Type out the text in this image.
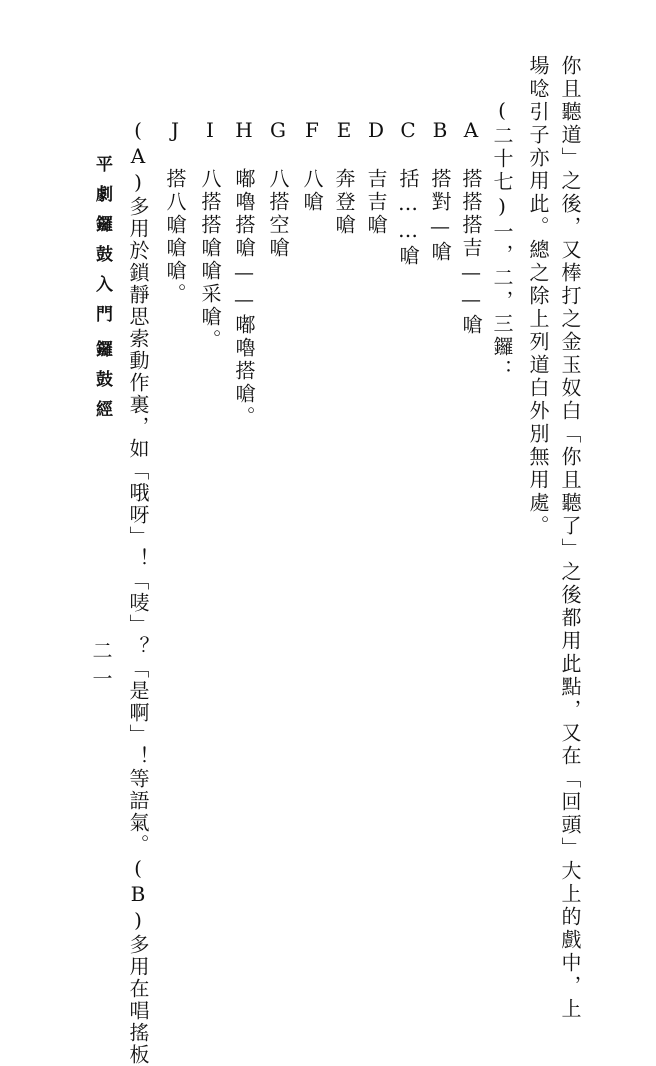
你且聽道」之後，又棒打之金玉奴白「你且聽了」之後都用此點，又在「回頭」大上的戲中，上
場唸引子亦用此。總之除上列道白外別無用處。
(二十七)一，二，三鑼：
A　搭搭搭吉——嗆
B　搭對—嗆
C　括……嗆
D　吉吉嗆
E　奔登嗆
F　八嗆
G　八搭空嗆
H　嘟嚕搭嗆——嘟嚕搭嗆。
I　八搭搭嗆嗆采嗆。
J　搭八嗆嗆嗆。
(A)多用於鎖靜思索動作裏，如「哦呀」！「唛」？「是啊」！等語氣。(B)多用在唱搖板
平劇鑼鼓入門
鑼鼓經
二一
